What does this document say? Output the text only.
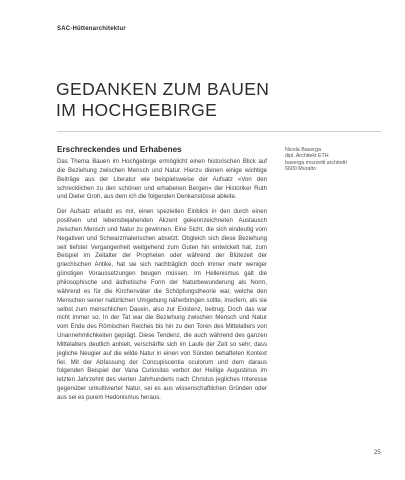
SAC-Hüttenarchitektur
GEDANKEN ZUM BAUEN
IM HOCHGEBIRGE
Erschreckendes und Erhabenes

Das Thema Bauen im Hochgebirge ermöglicht einen historischen Blick auf die Beziehung zwischen Mensch und Natur. Hierzu dienen einige wichtige Beiträge aus der Literatur wie beispielsweise der Aufsatz «Von den schrecklichen zu den schönen und erhabenen Bergen» der Historiker Ruth und Dieter Groh, aus dem ich die folgenden Denkanstösse ableite.

Der Aufsatz erlaubt es mir, einen speziellen Einblick in den durch einen positiven und lebensbejahenden Akzent gekennzeichneten Austausch zwischen Mensch und Natur zu gewinnen. Eine Sicht, die sich eindeutig vom Negativen und Schwarzmalerischen absetzt. Obgleich sich diese Beziehung seit tiefster Vergangenheit weitgehend zum Guten hin entwickelt hat, zum Beispiel im Zeitalter der Propheten oder während der Blütezeit der griechischen Antike, hat sie sich nachträglich doch immer mehr weniger günstigen Voraussetzungen beugen müssen. Im Hellenismus galt die philosophische und ästhetische Form der Naturbewunderung als Norm, während es für die Kirchenväter die Schöpfungstheorie war, welche den Menschen seiner natürlichen Umgebung näherbringen sollte, insofern, als sie selbst zum menschlichen Dasein, also zur Existenz, beitrug. Doch das war nicht immer so. In der Tat war die Beziehung zwischen Mensch und Natur vom Ende des Römischen Reiches bis hin zu den Toren des Mittelalters von Unannehmlichkeiten geprägt. Diese Tendenz, die auch während des ganzen Mittelalters deutlich anhielt, verschärfte sich im Laufe der Zeit so sehr, dass jegliche Neugier auf die wilde Natur in einen von Sünden behafteten Kontext fiel. Mit der Abfassung der Concupiscentia oculorum und dem daraus folgenden Beispiel der Vana Curiositas verbot der Heilige Augustinus im letzten Jahrzehnt des vierten Jahrhunderts nach Christus jegliches Interesse gegenüber unkultivierter Natur, sei es aus wissenschaftlichen Gründen oder aus sei es purem Hedonismus heraus.

Nicola Baserga
dipl. Architekt ETH
baserga mozzetti architetti
6600 Muralto
25
